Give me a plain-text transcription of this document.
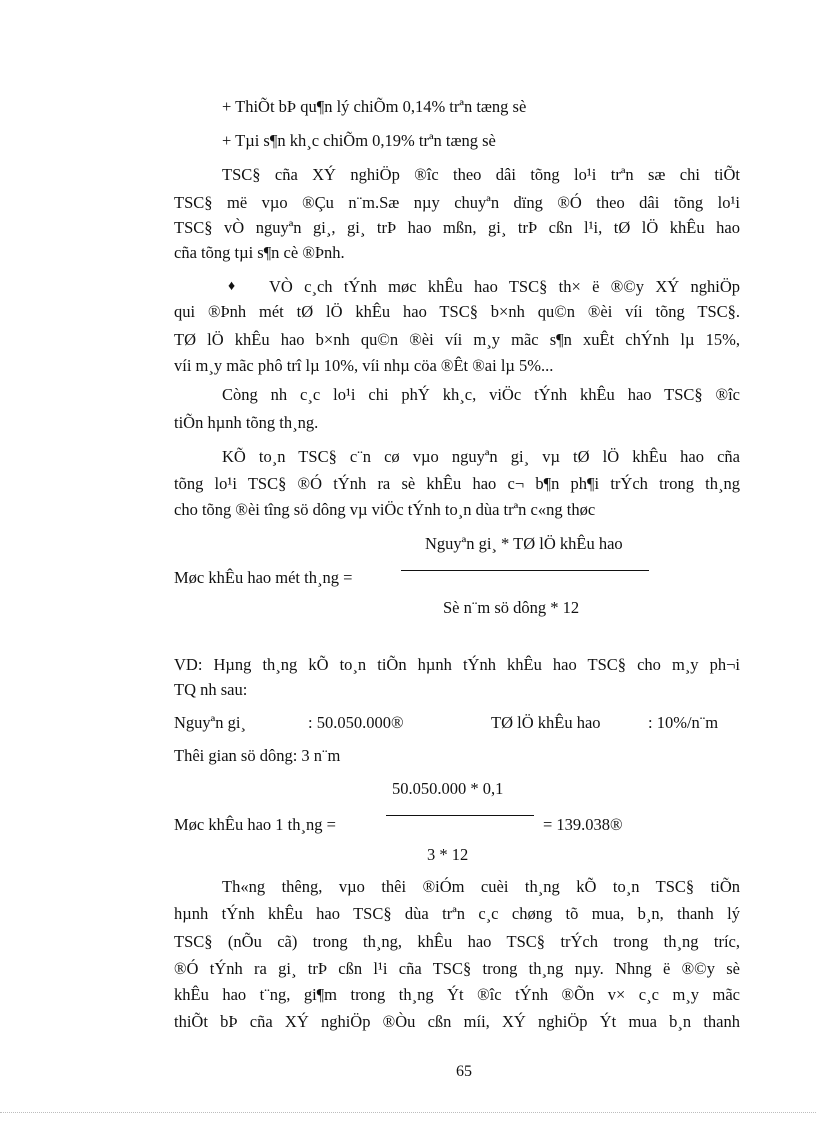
+ ThiÕt bÞ qu¶n lý chiÕm 0,14% trªn tæng sè
+ Tµi s¶n kh¸c chiÕm 0,19% trªn tæng sè
TSC§ cña XÝ nghiÖp ®îc theo dâi tõng lo¹i trªn sæ chi tiÕt
TSC§ më vµo ®Çu n¨m.Sæ nµy chuyªn dïng ®Ó theo dâi tõng lo¹i
TSC§ vÒ nguyªn gi¸, gi¸ trÞ hao mßn, gi¸ trÞ cßn l¹i, tØ lÖ khÊu hao
cña tõng tµi s¶n cè ®Þnh.
♦ VÒ c¸ch tÝnh møc khÊu hao TSC§ th× ë ®©y XÝ nghiÖp
qui ®Þnh mét tØ lÖ khÊu hao TSC§ b×nh qu©n ®èi víi tõng TSC§.
TØ lÖ khÊu hao b×nh qu©n ®èi víi m¸y mãc s¶n xuÊt chÝnh lµ 15%,
víi m¸y mãc phô trî lµ 10%, víi nhµ cöa ®Êt ®ai lµ 5%...
Còng nh c¸c lo¹i chi phÝ kh¸c, viÖc tÝnh khÊu hao TSC§ ®îc
tiÕn hµnh tõng th¸ng.
KÕ to¸n TSC§ c¨n cø vµo nguyªn gi¸ vµ tØ lÖ khÊu hao cña
tõng lo¹i TSC§ ®Ó tÝnh ra sè khÊu hao c¬ b¶n ph¶i trÝch trong th¸ng
cho tõng ®èi tîng sö dông vµ viÖc tÝnh to¸n dùa trªn c«ng thøc
Nguyªn gi¸ * TØ lÖ khÊu hao
Møc khÊu hao mét th¸ng =
Sè n¨m sö dông * 12
VD: Hµng th¸ng kÕ to¸n tiÕn hµnh tÝnh khÊu hao TSC§ cho m¸y ph¬i
TQ nh sau:
Nguyªn gi¸	: 50.050.000®	TØ lÖ khÊu hao	: 10%/n¨m
Thêi gian sö dông: 3 n¨m
50.050.000 * 0,1
Møc khÊu hao 1 th¸ng =	= 139.038®
3 * 12
Th«ng thêng, vµo thêi ®iÓm cuèi th¸ng kÕ to¸n TSC§ tiÕn
hµnh tÝnh khÊu hao TSC§ dùa trªn c¸c chøng tõ mua, b¸n, thanh lý
TSC§ (nÕu cã) trong th¸ng, khÊu hao TSC§ trÝch trong th¸ng tríc,
®Ó tÝnh ra gi¸ trÞ cßn l¹i cña TSC§ trong th¸ng nµy. Nhng ë ®©y sè
khÊu hao t¨ng, gi¶m trong th¸ng Ýt ®îc tÝnh ®Õn v× c¸c m¸y mãc
thiÕt bÞ cña XÝ nghiÖp ®Òu cßn míi, XÝ nghiÖp Ýt mua b¸n thanh
65
